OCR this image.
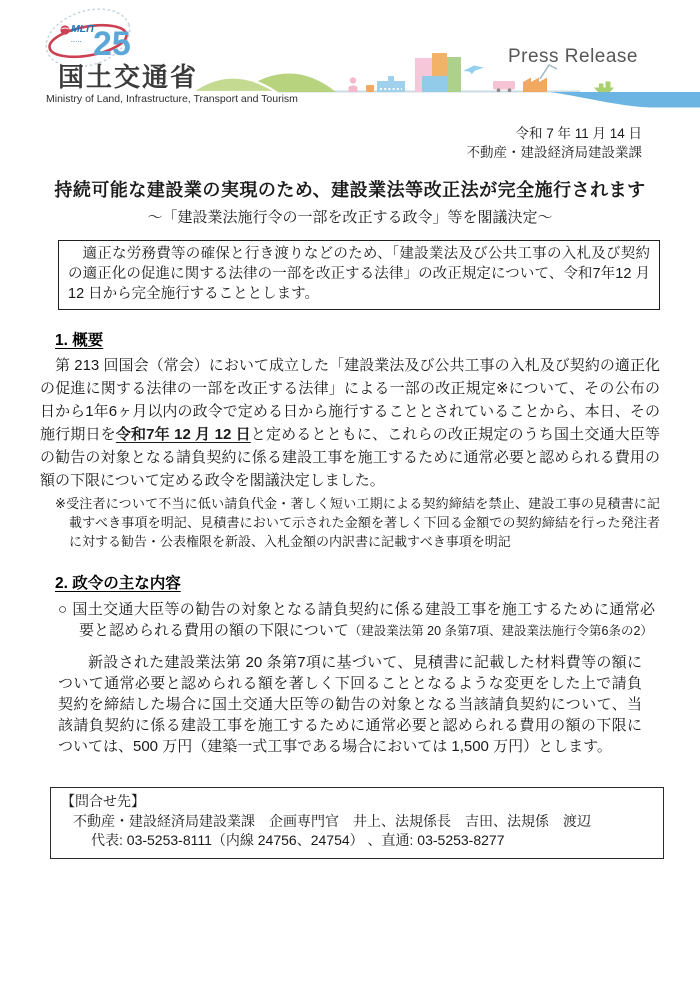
MLIT
..... 25
国土交通省
Ministry of Land, Infrastructure, Transport and Tourism
Press Release
令和 7 年 11 月 14 日
不動産・建設経済局建設業課
持続可能な建設業の実現のため、建設業法等改正法が完全施行されます
～「建設業法施行令の一部を改正する政令」等を閣議決定～

適正な労務費等の確保と行き渡りなどのため、「建設業法及び公共工事の入札及び契約の適正化の促進に関する法律の一部を改正する法律」の改正規定について、令和7年12 月12 日から完全施行することとします。

1. 概要

第 213 回国会（常会）において成立した「建設業法及び公共工事の入札及び契約の適正化の促進に関する法律の一部を改正する法律」による一部の改正規定※について、その公布の日から1年6ヶ月以内の政令で定める日から施行することとされていることから、本日、その施行期日を令和7年 12 月 12 日と定めるとともに、これらの改正規定のうち国土交通大臣等の勧告の対象となる請負契約に係る建設工事を施工するために通常必要と認められる費用の額の下限について定める政令を閣議決定しました。

※受注者について不当に低い請負代金・著しく短い工期による契約締結を禁止、建設工事の見積書に記載すべき事項を明記、見積書において示された金額を著しく下回る金額での契約締結を行った発注者に対する勧告・公表権限を新設、入札金額の内訳書に記載すべき事項を明記

2. 政令の主な内容

○ 国土交通大臣等の勧告の対象となる請負契約に係る建設工事を施工するために通常必要と認められる費用の額の下限について（建設業法第 20 条第7項、建設業法施行令第6条の2）

新設された建設業法第 20 条第7項に基づいて、見積書に記載した材料費等の額について通常必要と認められる額を著しく下回ることとなるような変更をした上で請負契約を締結した場合に国土交通大臣等の勧告の対象となる当該請負契約について、当該請負契約に係る建設工事を施工するために通常必要と認められる費用の額の下限については、500 万円（建築一式工事である場合においては 1,500 万円）とします。

【問合せ先】
不動産・建設経済局建設業課　企画専門官　井上、法規係長　吉田、法規係　渡辺
代表: 03-5253-8111（内線 24756、24754） 、直通: 03-5253-8277
